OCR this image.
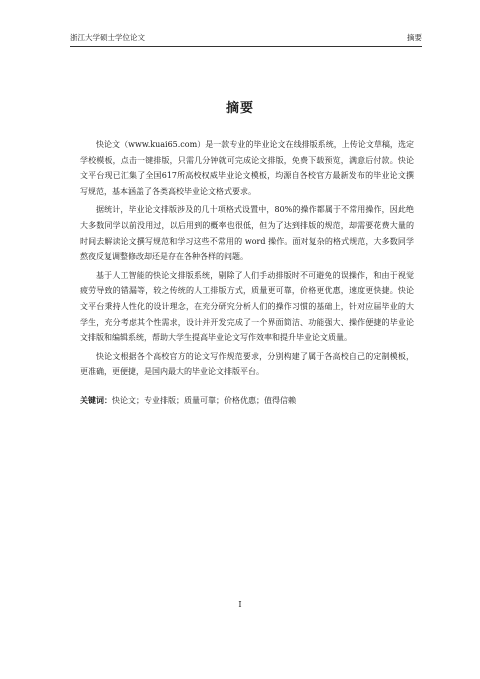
浙江大学硕士学位论文	摘要
摘要

快论文（www.kuai65.com）是一款专业的毕业论文在线排版系统，上传论文草稿，选定学校模板，点击一键排版，只需几分钟就可完成论文排版，免费下载预览，满意后付款。快论文平台现已汇集了全国617所高校权威毕业论文模板，均源自各校官方最新发布的毕业论文撰写规范，基本涵盖了各类高校毕业论文格式要求。

据统计，毕业论文排版涉及的几十项格式设置中，80%的操作都属于不常用操作，因此绝大多数同学以前没用过，以后用到的概率也很低，但为了达到排版的规范，却需要花费大量的时间去解读论文撰写规范和学习这些不常用的 word 操作。面对复杂的格式规范，大多数同学熬夜反复调整修改却还是存在各种各样的问题。

基于人工智能的快论文排版系统，剔除了人们手动排版时不可避免的误操作，和由于视觉疲劳导致的错漏等，较之传统的人工排版方式，质量更可靠，价格更优惠，速度更快捷。快论文平台秉持人性化的设计理念，在充分研究分析人们的操作习惯的基础上，针对应届毕业的大学生，充分考虑其个性需求，设计并开发完成了一个界面简洁、功能强大、操作便捷的毕业论文排版和编辑系统，帮助大学生提高毕业论文写作效率和提升毕业论文质量。

快论文根据各个高校官方的论文写作规范要求，分别构建了属于各高校自己的定制模板，更准确，更便捷，是国内最大的毕业论文排版平台。

关键词：快论文；专业排版；质量可靠；价格优惠；值得信赖

I
